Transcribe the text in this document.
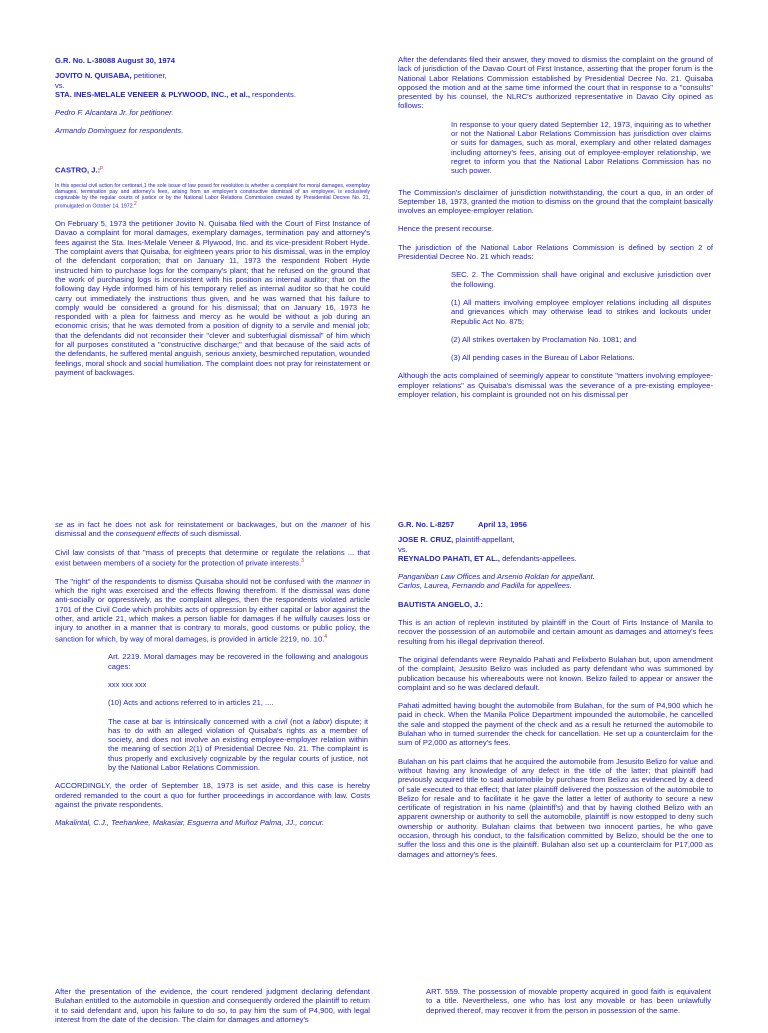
G.R. No. L-38088 August 30, 1974

JOVITO N. QUISABA, petitioner,
vs.
STA. INES-MELALE VENEER & PLYWOOD, INC., et al., respondents.

Pedro F. Alcantara Jr. for petitioner.

Armando Dominguez for respondents.

CASTRO, J.:$^p$

In this special civil action for certiorari,1 the sole issue of law posed for resolution is whether a complaint for moral damages, exemplary damages, termination pay and attorney's fees, arising from an employer's constructive dismissal of an employee, is exclusively cognizable by the regular courts of justice or by the National Labor Relations Commission created by Presidential Decree No. 21, promulgated on October 14, 1972.2

On February 5, 1973 the petitioner Jovito N. Quisaba filed with the Court of First Instance of Davao a complaint for moral damages, exemplary damages, termination pay and attorney's fees against the Sta. Ines-Melale Veneer & Plywood, Inc. and its vice-president Robert Hyde. The complaint avers that Quisaba, for eighteen years prior to his dismissal, was in the employ of the defendant corporation; that on January 11, 1973 the respondent Robert Hyde instructed him to purchase logs for the company's plant; that he refused on the ground that the work of purchasing logs is inconsistent with his position as internal auditor; that on the following day Hyde informed him of his temporary relief as internal auditor so that he could carry out immediately the instructions thus given, and he was warned that his failure to comply would be considered a ground for his dismissal; that on January 16, 1973 he responded with a plea for fairness and mercy as he would be without a job during an economic crisis; that he was demoted from a position of dignity to a servile and menial job; that the defendants did not reconsider their "clever and subterfugial dismissal" of him which for all purposes constituted a "constructive discharge;" and that because of the said acts of the defendants, he suffered mental anguish, serious anxiety, besmirched reputation, wounded feelings, moral shock and social humiliation. The complaint does not pray for reinstatement or payment of backwages.

After the defendants filed their answer, they moved to dismiss the complaint on the ground of lack of jurisdiction of the Davao Court of First Instance, asserting that the proper forum is the National Labor Relations Commission established by Presidential Decree No. 21. Quisaba opposed the motion and at the same time informed the court that in response to a "consults" presented by his counsel, the NLRC's authorized representative in Davao City opined as follows:

In response to your query dated September 12, 1973, inquiring as to whether or not the National Labor Relations Commission has jurisdiction over claims or suits for damages, such as moral, exemplary and other related damages including attorney's fees, arising out of employee-employer relationship, we regret to inform you that the National Labor Relations Commission has no such power.

The Commission's disclaimer of jurisdiction notwithstanding, the court a quo, in an order of September 18, 1973, granted the motion to dismiss on the ground that the complaint basically involves an employee-employer relation.

Hence the present recourse.

The jurisdiction of the National Labor Relations Commission is defined by section 2 of Presidential Decree No. 21 which reads:

SEC. 2. The Commission shall have original and exclusive jurisdiction over the following.

(1) All matters involving employee employer relations including all disputes and grievances which may otherwise lead to strikes and lockouts under Republic Act No. 875;

(2) All strikes overtaken by Proclamation No. 1081; and

(3) All pending cases in the Bureau of Labor Relations.

Although the acts complained of seemingly appear to constitute "matters involving employee-employer relations" as Quisaba's dismissal was the severance of a pre-existing employee-employer relation, his complaint is grounded not on his dismissal per

se as in fact he does not ask for reinstatement or backwages, but on the manner of his dismissal and the consequent effects of such dismissal.

Civil law consists of that "mass of precepts that determine or regulate the relations ... that exist between members of a society for the protection of private interests.$^3$

The "right" of the respondents to dismiss Quisaba should not be confused with the manner in which the right was exercised and the effects flowing therefrom. If the dismissal was done anti-socially or oppressively, as the complaint alleges, then the respondents violated article 1701 of the Civil Code which prohibits acts of oppression by either capital or labor against the other, and article 21, which makes a person liable for damages if he wilfully causes loss or injury to another in a manner that is contrary to morals, good customs or public policy, the sanction for which, by way of moral damages, is provided in article 2219, no. 10.$^4$

Art. 2219. Moral damages may be recovered in the following and analogous cages:

xxx xxx xxx

(10) Acts and actions referred to in articles 21, ....

The case at bar is intrinsically concerned with a civil (not a labor) dispute; it has to do with an alleged violation of Quisaba's rights as a member of society, and does not involve an existing employee-employer relation within the meaning of section 2(1) of Presidential Decree No. 21. The complaint is thus properly and exclusively cognizable by the regular courts of justice, not by the National Labor Relations Commission.

ACCORDINGLY, the order of September 18, 1973 is set aside, and this case is hereby ordered remanded to the court a quo for further proceedings in accordance with law. Costs against the private respondents.

Makalintal, C.J., Teehankee, Makasiar, Esguerra and Muñoz Palma, JJ., concur.

G.R. No. L-8257	April 13, 1956

JOSE R. CRUZ, plaintiff-appellant,
vs.
REYNALDO PAHATI, ET AL., defendants-appellees.

Panganiban Law Offices and Arsenio Roldan for appellant.
Carlos, Laurea, Fernando and Padilla for appellees.

BAUTISTA ANGELO, J.:

This is an action of replevin instituted by plaintiff in the Court of Firts Instance of Manila to recover the possession of an automobile and certain amount as damages and attorney's fees resulting from his illegal deprivation thereof.

The original defendants were Reynaldo Pahati and Felixberto Bulahan but, upon amendment of the complaint, Jesusito Belizo was included as party defendant who was summoned by publication because his whereabouts were not known. Belizo failed to appear or answer the complaint and so he was declared default.

Pahati admitted having bought the automobile from Bulahan, for the sum of P4,900 which he paid in check. When the Manila Police Department impounded the automobile, he cancelled the sale and stopped the payment of the check and as a result he returned the automobile to Bulahan who in turned surrender the check for cancellation. He set up a counterclaim for the sum of P2,000 as attorney's fees.

Bulahan on his part claims that he acquired the automobile from Jesusito Belizo for value and without having any knowledge of any defect in the title of the latter; that plaintiff had previously acquired title to said automobile by purchase from Belizo as evidenced by a deed of sale executed to that effect; that later plaintiff delivered the possession of the automobile to Belizo for resale and to facilitate it he gave the latter a letter of authority to secure a new certificate of registration in his name (plaintiff's) and that by having clothed Belizo with an apparent ownership or authority to sell the automobile, plaintiff is now estopped to deny such ownership or authority. Bulahan claims that between two innocent parties, he who gave occasion, through his conduct, to the falsification committed by Belizo, should be the one to suffer the loss and this one is the plaintiff. Bulahan also set up a counterclaim for P17,000 as damages and attorney's fees.

After the presentation of the evidence, the court rendered judgment declaring defendant Bulahan entitled to the automobile in question and consequently ordered the plaintiff to return it to said defendant and, upon his failure to do so, to pay him the sum of P4,900, with legal interest from the date of the decision. The claim for damages and attorney's

ART. 559. The possession of movable property acquired in good faith is equivalent to a title. Nevertheless, one who has lost any movable or has been unlawfully deprived thereof, may recover it from the person in possession of the same.
